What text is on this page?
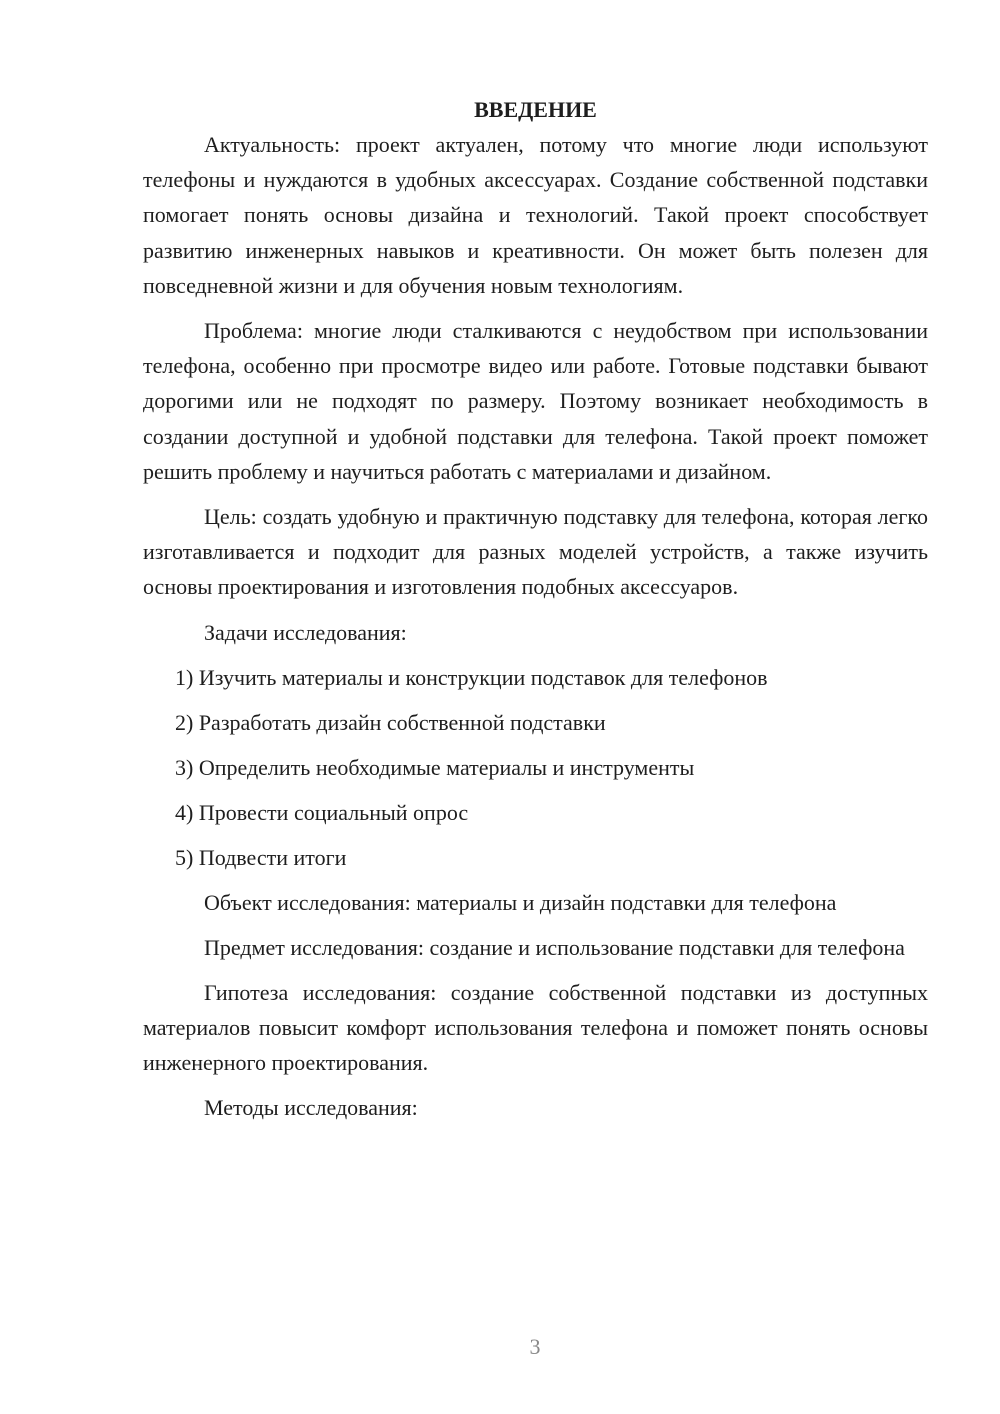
ВВЕДЕНИЕ

Актуальность: проект актуален, потому что многие люди используют телефоны и нуждаются в удобных аксессуарах. Создание собственной подставки помогает понять основы дизайна и технологий. Такой проект способствует развитию инженерных навыков и креативности. Он может быть полезен для повседневной жизни и для обучения новым технологиям.

Проблема: многие люди сталкиваются с неудобством при использовании телефона, особенно при просмотре видео или работе. Готовые подставки бывают дорогими или не подходят по размеру. Поэтому возникает необходимость в создании доступной и удобной подставки для телефона. Такой проект поможет решить проблему и научиться работать с материалами и дизайном.

Цель: создать удобную и практичную подставку для телефона, которая легко изготавливается и подходит для разных моделей устройств, а также изучить основы проектирования и изготовления подобных аксессуаров.

Задачи исследования:

1) Изучить материалы и конструкции подставок для телефонов
2) Разработать дизайн собственной подставки
3) Определить необходимые материалы и инструменты
4) Провести социальный опрос
5) Подвести итоги

Объект исследования: материалы и дизайн подставки для телефона

Предмет исследования: создание и использование подставки для телефона

Гипотеза исследования: создание собственной подставки из доступных материалов повысит комфорт использования телефона и поможет понять основы инженерного проектирования.

Методы исследования:

3
